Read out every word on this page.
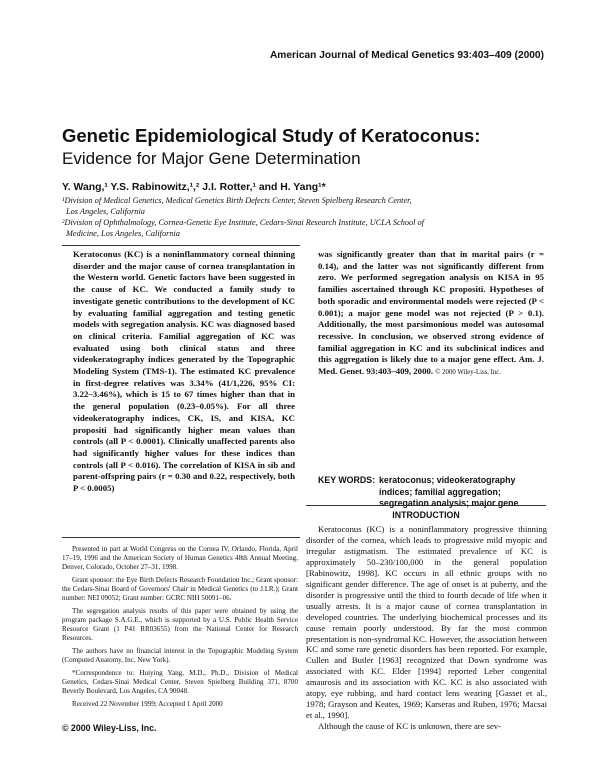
American Journal of Medical Genetics 93:403–409 (2000)
Genetic Epidemiological Study of Keratoconus:
Evidence for Major Gene Determination
Y. Wang,¹ Y.S. Rabinowitz,¹,² J.I. Rotter,¹ and H. Yang¹*
¹Division of Medical Genetics, Medical Genetics Birth Defects Center, Steven Spielberg Research Center,
Los Angeles, California
²Division of Ophthalmology, Cornea-Genetic Eye Institute, Cedars-Sinai Research Institute, UCLA School of
Medicine, Los Angeles, California
Keratoconus (KC) is a noninflammatory corneal thinning disorder and the major cause of cornea transplantation in the Western world. Genetic factors have been suggested in the cause of KC. We conducted a family study to investigate genetic contributions to the development of KC by evaluating familial aggregation and testing genetic models with segregation analysis. KC was diagnosed based on clinical criteria. Familial aggregation of KC was evaluated using both clinical status and three videokeratography indices generated by the Topographic Modeling System (TMS-1). The estimated KC prevalence in first-degree relatives was 3.34% (41/1,226, 95% CI: 3.22–3.46%), which is 15 to 67 times higher than that in the general population (0.23–0.05%). For all three videokeratography indices, CK, IS, and KISA, KC propositi had significantly higher mean values than controls (all P < 0.0001). Clinically unaffected parents also had significantly higher values for these indices than controls (all P < 0.016). The correlation of KISA in sib and parent-offspring pairs (r = 0.30 and 0.22, respectively, both P < 0.0005)
was significantly greater than that in marital pairs (r = 0.14), and the latter was not significantly different from zero. We performed segregation analysis on KISA in 95 families ascertained through KC propositi. Hypotheses of both sporadic and environmental models were rejected (P < 0.001); a major gene model was not rejected (P > 0.1). Additionally, the most parsimonious model was autosomal recessive. In conclusion, we observed strong evidence of familial aggregation in KC and its subclinical indices and this aggregation is likely due to a major gene effect. Am. J. Med. Genet. 93:403–409, 2000. © 2000 Wiley-Liss, Inc.
KEY WORDS: keratoconus; videokeratography indices; familial aggregation; segregation analysis; major gene
INTRODUCTION

Keratoconus (KC) is a noninflammatory progressive thinning disorder of the cornea, which leads to progressive mild myopic and irregular astigmatism. The estimated prevalence of KC is approximately 50–230/100,000 in the general population [Rabinowitz, 1998]. KC occurs in all ethnic groups with no significant gender difference. The age of onset is at puberty, and the disorder is progressive until the third to fourth decade of life when it usually arrests. It is a major cause of cornea transplantation in developed countries. The underlying biochemical processes and its cause remain poorly understood. By far the most common presentation is non-syndromal KC. However, the association between KC and some rare genetic disorders has been reported. For example, Cullen and Butler [1963] recognized that Down syndrome was associated with KC. Elder [1994] reported Leber congenital amaurosis and its association with KC. KC is also associated with atopy, eye rubbing, and hard contact lens wearing [Gasset et al., 1978; Grayson and Keates, 1969; Karseras and Ruben, 1976; Macsai et al., 1990].

Although the cause of KC is unknown, there are sev-

Presented in part at World Congress on the Cornea IV, Orlando, Florida, April 17–19, 1996 and the American Society of Human Genetics 48th Annual Meeting, Denver, Colorado, October 27–31, 1998.

Grant sponsor: the Eye Birth Defects Research Foundation Inc.; Grant sponsor: the Cedars-Sinai Board of Governors' Chair in Medical Genetics (to J.I.R.); Grant number: NEI 09052; Grant number: GCRC NIH 50091–06.

The segregation analysis results of this paper were obtained by using the program package S.A.G.E., which is supported by a U.S. Public Health Service Resource Grant (1 P41 RR03655) from the National Center for Research Resources.

The authors have no financial interest in the Topographic Modeling System (Computed Anatomy, Inc, New York).

*Correspondence to: Huiying Yang, M.D., Ph.D., Division of Medical Genetics, Cedars-Sinai Medical Center, Steven Spielberg Building 371, 8700 Beverly Boulevard, Los Angeles, CA 90048.

Received 22 November 1999; Accepted 1 April 2000

© 2000 Wiley-Liss, Inc.
